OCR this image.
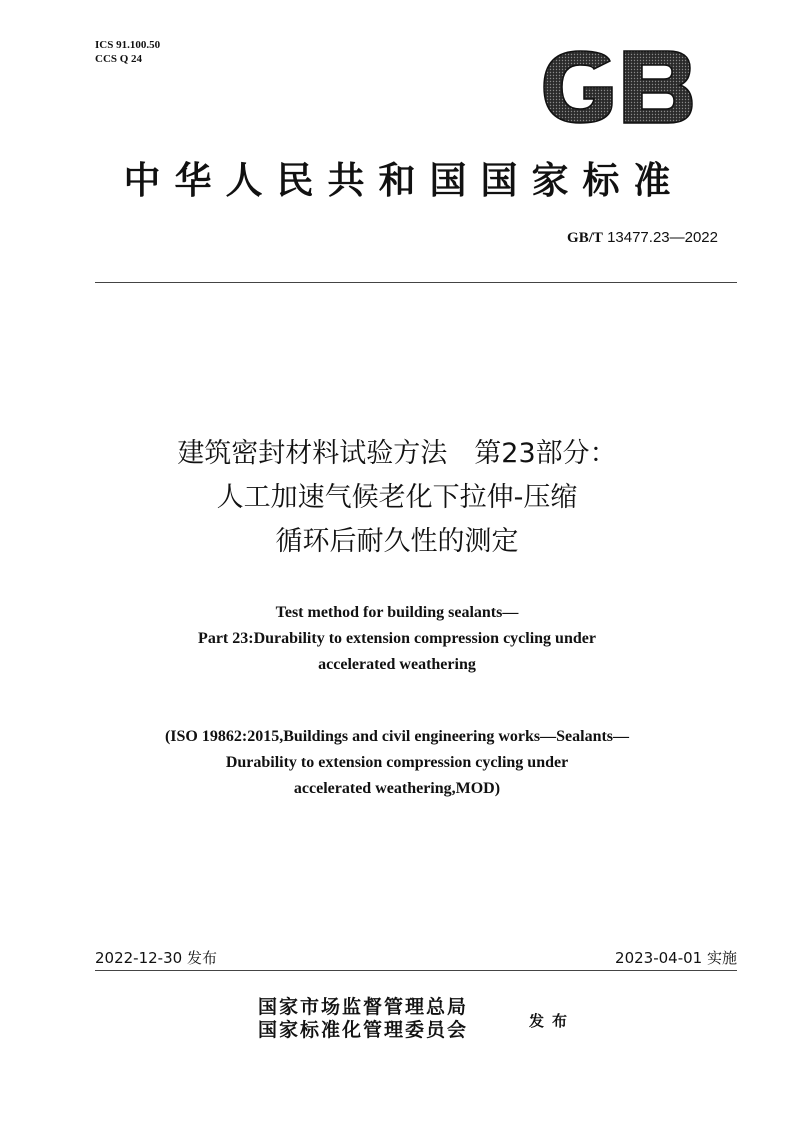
ICS 91.100.50
CCS Q 24
中华人民共和国国家标准
GB/T 13477.23—2022
建筑密封材料试验方法　第23部分：
人工加速气候老化下拉伸-压缩
循环后耐久性的测定
Test method for building sealants—
Part 23:Durability to extension compression cycling under
accelerated weathering
(ISO 19862:2015,Buildings and civil engineering works—Sealants—
Durability to extension compression cycling under
accelerated weathering,MOD)
2022-12-30 发布	2023-04-01 实施
国家市场监督管理总局
国家标准化管理委员会	发布
